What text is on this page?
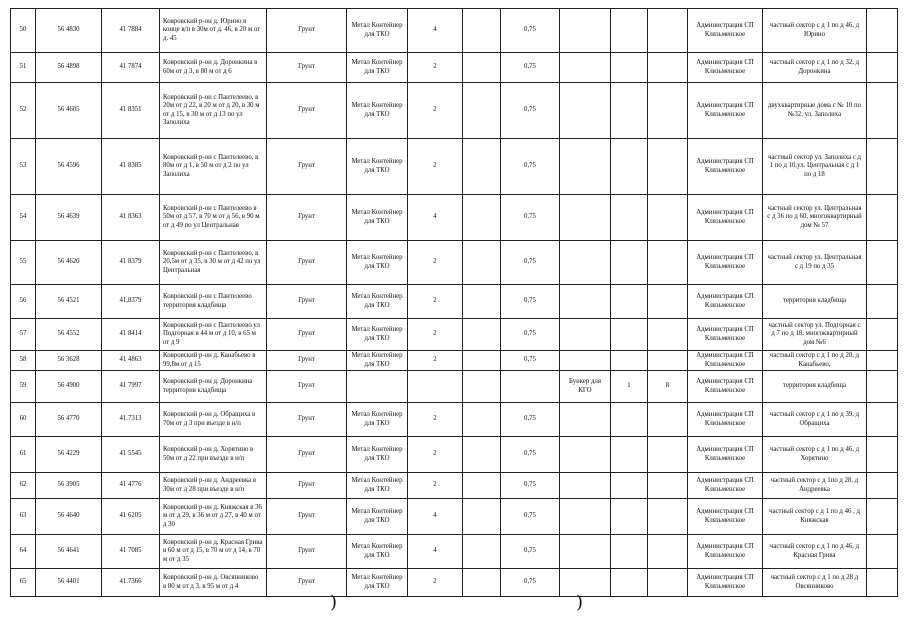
50	56 4830	41 7884	Ковровский р-он д. Юрино в конце в/п в 30м от д. 46, в 20 м от д. 45	Грунт	Метал Контейнер для ТКО	4		0,75				Администрация СП Клязьменское	частный сектор с д 1 по д 46, д Юрино	
51	56 4898	41 7874	Ковровский р-он д. Доронкина в 60м от д 3, в 80 м от д 6	Грунт	Метал Контейнер для ТКО	2		0,75				Администрация СП Клязьменское	частный сектор с д 1 по д 32, д Доронкина	
52	56 4605	41 8351	Ковровский р-он с Пантелеево, в 20м от д 22, в 20 м от д 20, в 30 м от д 15, в 30 м от д 13 по ул Заполиха	Грунт	Метал Контейнер для ТКО	2		0,75				Администрация СП Клязьменское	двухквартирные дома с № 10 по №32, ул. Заполиха	
53	56 4596	41 8385	Ковровский р-он с Пантелеево, в 80м от д 1, в 50 м от д 2 по ул Заполиха	Грунт	Метал Контейнер для ТКО	2		0,75				Администрация СП Клязьменское	частный сектор ул. Заполиха с д 1 по д 10,ул. Центральная с д 1 по д 18	
54	56 4639	41 8363	Ковровский р-он с Пантелеево в 50м от д 57, в 70 м от д 56, в 90 м от д 49 по ул Центральная	Грунт	Метал Контейнер для ТКО	4		0,75				Администрация СП Клязьменское	частный сектор ул. Центральная с д 36 по д 60, многоквартирный дом № 57	
55	56 4620	41 8379	Ковровский р-он с Пантелеево, в 20,5м от д 35, в 30 м от д 42 по ул Центральная	Грунт	Метал Контейнер для ТКО	2		0,75				Администрация СП Клязьменское	частный сектор ул. Центральная с д 19 по д 35	
56	56 4521	41,8379	Ковровский р-он с Пантелеево территория кладбища	Грунт	Метал Контейнер для ТКО	2		0,75				Администрация СП Клязьменское	территория кладбища	
57	56 4552	41 8414	Ковровский р-он с Пантелеево ул Подгорная в 44 м от д 10, в 65 м от д 9	Грунт	Метал Контейнер для ТКО	2		0,75				Администрация СП Клязьменское	частный сектор ул. Подгорная с д 7 по д 18, многоквартирный дом №6	
58	56 3628	41 4863	Ковровский р-он д. Канабьево в 99,8м от д 15	Грунт	Метал Контейнер для ТКО	2		0,75				Администрация СП Клязьменское	частный сектор с д 1 по д 20, д Канабьево,	
59	56 4900	41 7997	Ковровский р-он д. Доронкина территория кладбища	Грунт					Бункер для КГО	1	8	Администрация СП Клязьменское	территория кладбища	
60	56 4770	41.7313	Ковровский р-он д. Обращиха в 70м от д 3 при въезде в н/п	Грунт	Метал Контейнер для ТКО	2		0,75				Администрация СП Клязьменское	частный сектор с д 1 по д 39, д Обращиха	
61	56 4229	41 5545	Ковровский р-он д. Хорятино в 50м от д 22 при въезде в н/п	Грунт	Метал Контейнер для ТКО	2		0,75				Администрация СП Клязьменское	частный сектор с д 1 по д 46, д Хорятино	
62	56 3905	41 4776	Ковровский р-он д. Андреевка в 30м от д 28 при въезде в н/п	Грунт	Метал Контейнер для ТКО	2		0,75				Администрация СП Клязьменское	частный сектор с д 1по д 28, д Андреевка	
63	56 4640	41 6205	Ковровский р-он д. Княжская в 36 м от д 29, в 36 м от д 27, в 40 м от д 30	Грунт	Метал Контейнер для ТКО	4		0,75				Администрация СП Клязьменское	частный сектор с д 1 по д 46 , д Княжская	
64	56 4641	41 7085	Ковровский р-он д. Красная Грива в 60 м от д 15, в 70 м от д 14, в 70 м от д 35	Грунт	Метал Контейнер для ТКО	4		0,75				Администрация СП Клязьменское	частный сектор с д 1 по д 46, д Красная Грива	
65	56 4401	41.7366	Ковровский р-он д. Овсянниково в 80 м от д 3, в 95 м от д 4	Грунт	Метал Контейнер для ТКО	2		0,75				Администрация СП Клязьменское	частный сектор с д 1 по д 28 д Овсянниково	
)	)
